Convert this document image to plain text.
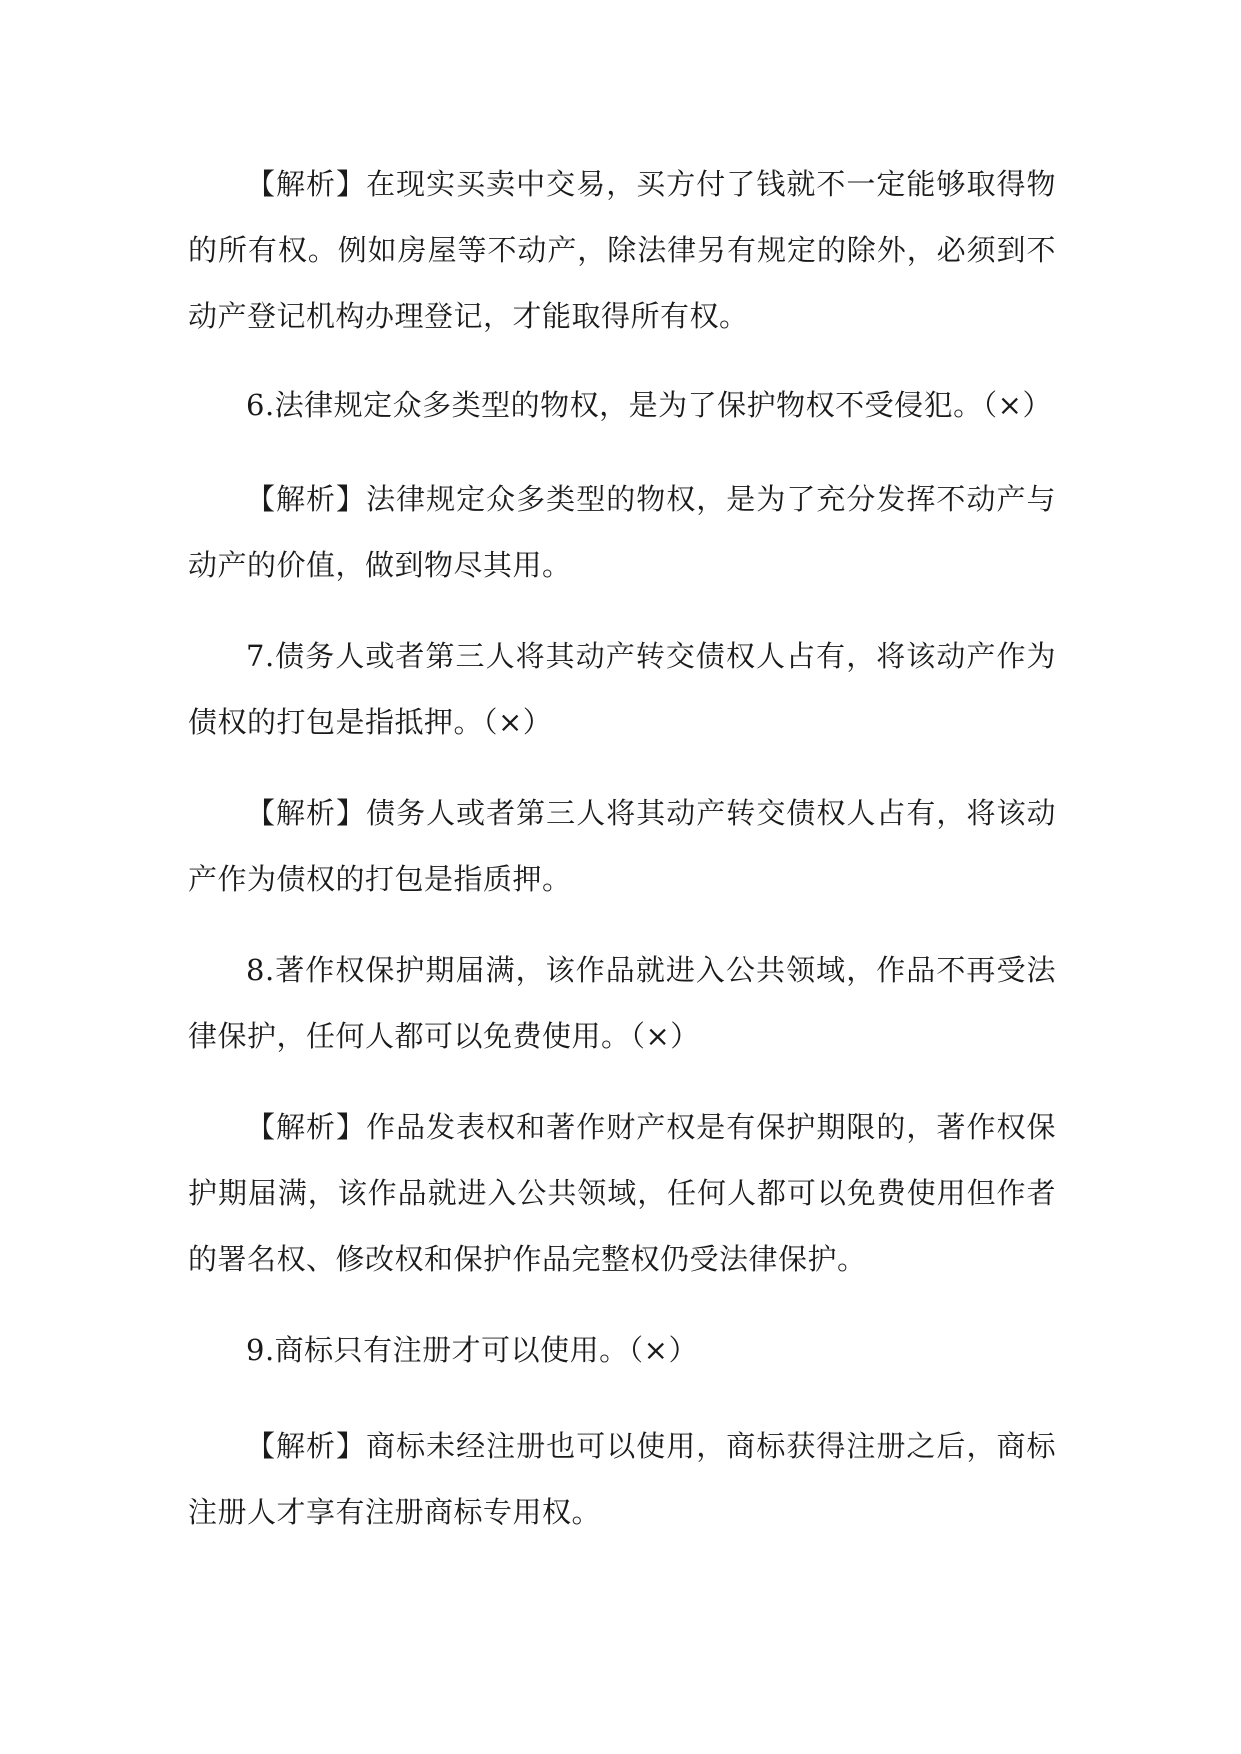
【解析】在现实买卖中交易，买方付了钱就不一定能够取得物的所有权。例如房屋等不动产，除法律另有规定的除外，必须到不动产登记机构办理登记，才能取得所有权。

6.法律规定众多类型的物权，是为了保护物权不受侵犯。（×）

【解析】法律规定众多类型的物权，是为了充分发挥不动产与动产的价值，做到物尽其用。

7.债务人或者第三人将其动产转交债权人占有，将该动产作为债权的打包是指抵押。（×）

【解析】债务人或者第三人将其动产转交债权人占有，将该动产作为债权的打包是指质押。

8.著作权保护期届满，该作品就进入公共领域，作品不再受法律保护，任何人都可以免费使用。（×）

【解析】作品发表权和著作财产权是有保护期限的，著作权保护期届满，该作品就进入公共领域，任何人都可以免费使用但作者的署名权、修改权和保护作品完整权仍受法律保护。

9.商标只有注册才可以使用。（×）

【解析】商标未经注册也可以使用，商标获得注册之后，商标注册人才享有注册商标专用权。
